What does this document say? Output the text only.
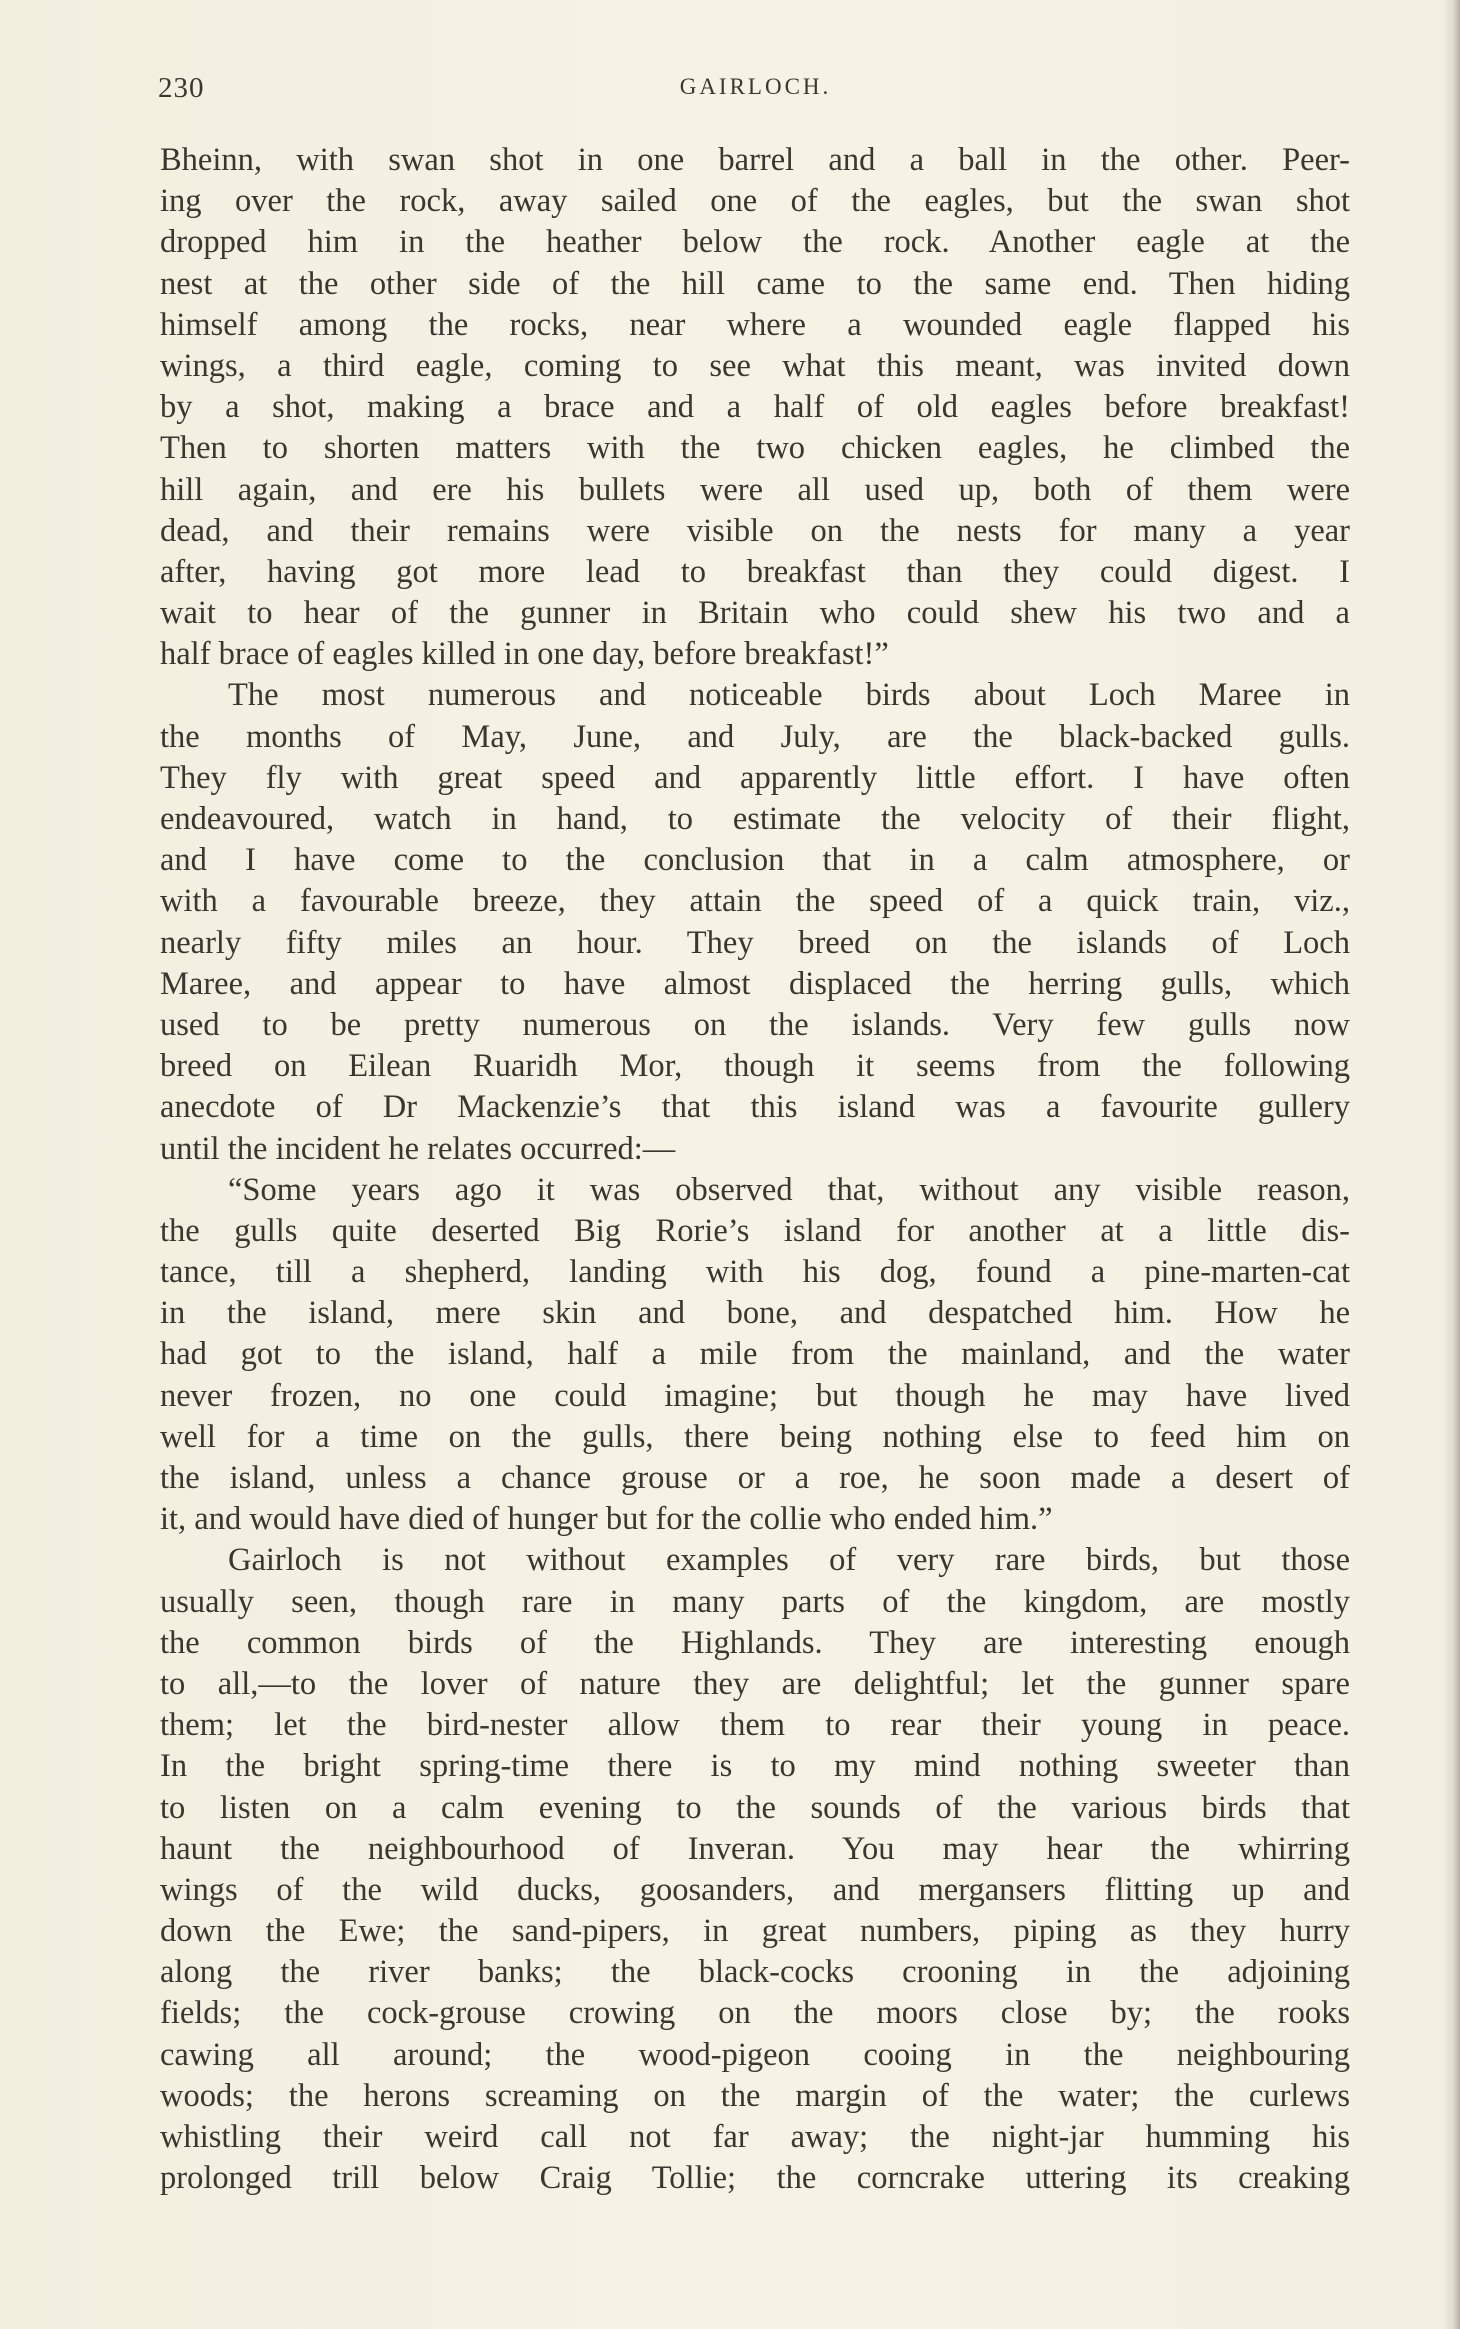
230	GAIRLOCH.
Bheinn, with swan shot in one barrel and a ball in the other. Peer-
ing over the rock, away sailed one of the eagles, but the swan shot
dropped him in the heather below the rock. Another eagle at the
nest at the other side of the hill came to the same end. Then hiding
himself among the rocks, near where a wounded eagle flapped his
wings, a third eagle, coming to see what this meant, was invited down
by a shot, making a brace and a half of old eagles before breakfast!
Then to shorten matters with the two chicken eagles, he climbed the
hill again, and ere his bullets were all used up, both of them were
dead, and their remains were visible on the nests for many a year
after, having got more lead to breakfast than they could digest. I
wait to hear of the gunner in Britain who could shew his two and a
half brace of eagles killed in one day, before breakfast!”
The most numerous and noticeable birds about Loch Maree in
the months of May, June, and July, are the black-backed gulls.
They fly with great speed and apparently little effort. I have often
endeavoured, watch in hand, to estimate the velocity of their flight,
and I have come to the conclusion that in a calm atmosphere, or
with a favourable breeze, they attain the speed of a quick train, viz.,
nearly fifty miles an hour. They breed on the islands of Loch
Maree, and appear to have almost displaced the herring gulls, which
used to be pretty numerous on the islands. Very few gulls now
breed on Eilean Ruaridh Mor, though it seems from the following
anecdote of Dr Mackenzie’s that this island was a favourite gullery
until the incident he relates occurred:—
“Some years ago it was observed that, without any visible reason,
the gulls quite deserted Big Rorie’s island for another at a little dis-
tance, till a shepherd, landing with his dog, found a pine-marten-cat
in the island, mere skin and bone, and despatched him. How he
had got to the island, half a mile from the mainland, and the water
never frozen, no one could imagine; but though he may have lived
well for a time on the gulls, there being nothing else to feed him on
the island, unless a chance grouse or a roe, he soon made a desert of
it, and would have died of hunger but for the collie who ended him.”
Gairloch is not without examples of very rare birds, but those
usually seen, though rare in many parts of the kingdom, are mostly
the common birds of the Highlands. They are interesting enough
to all,—to the lover of nature they are delightful; let the gunner spare
them; let the bird-nester allow them to rear their young in peace.
In the bright spring-time there is to my mind nothing sweeter than
to listen on a calm evening to the sounds of the various birds that
haunt the neighbourhood of Inveran. You may hear the whirring
wings of the wild ducks, goosanders, and mergansers flitting up and
down the Ewe; the sand-pipers, in great numbers, piping as they hurry
along the river banks; the black-cocks crooning in the adjoining
fields; the cock-grouse crowing on the moors close by; the rooks
cawing all around; the wood-pigeon cooing in the neighbouring
woods; the herons screaming on the margin of the water; the curlews
whistling their weird call not far away; the night-jar humming his
prolonged trill below Craig Tollie; the corncrake uttering its creaking
